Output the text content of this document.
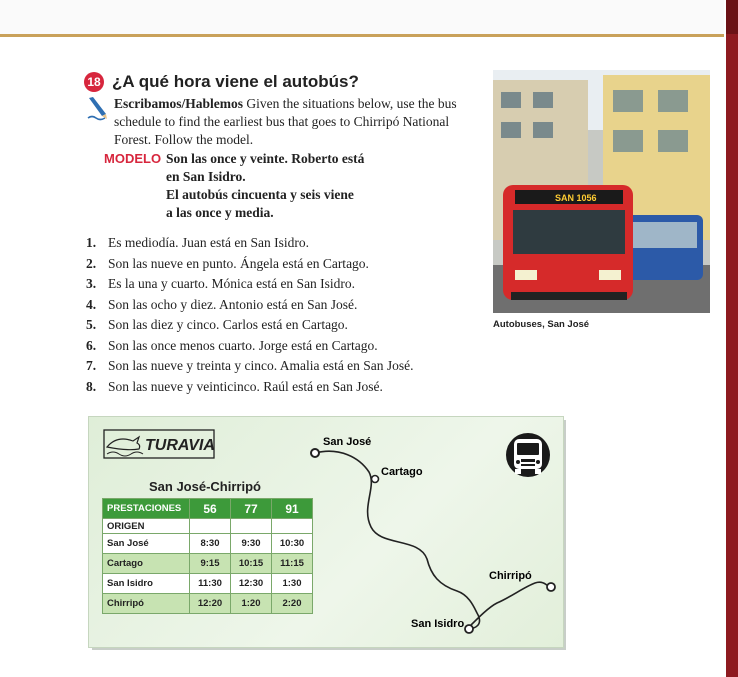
18 ¿A qué hora viene el autobús?
Escribamos/Hablemos Given the situations below, use the bus schedule to find the earliest bus that goes to Chirripó National Forest. Follow the model.
MODELO Son las once y veinte. Roberto está
en San Isidro.
El autobús cincuenta y seis viene
a las once y media.
1. Es mediodía. Juan está en San Isidro.
2. Son las nueve en punto. Ángela está en Cartago.
3. Es la una y cuarto. Mónica está en San Isidro.
4. Son las ocho y diez. Antonio está en San José.
5. Son las diez y cinco. Carlos está en Cartago.
6. Son las once menos cuarto. Jorge está en Cartago.
7. Son las nueve y treinta y cinco. Amalia está en San José.
8. Son las nueve y veinticinco. Raúl está en San José.
SAN 1056
Autobuses, San José
TURAVIA
San José-Chirripó
PRESTACIONES	56	77	91
ORIGEN			
San José	8:30	9:30	10:30
Cartago	9:15	10:15	11:15
San Isidro	11:30	12:30	1:30
Chirripó	12:20	1:20	2:20
San José
Cartago
Chirripó
San Isidro
